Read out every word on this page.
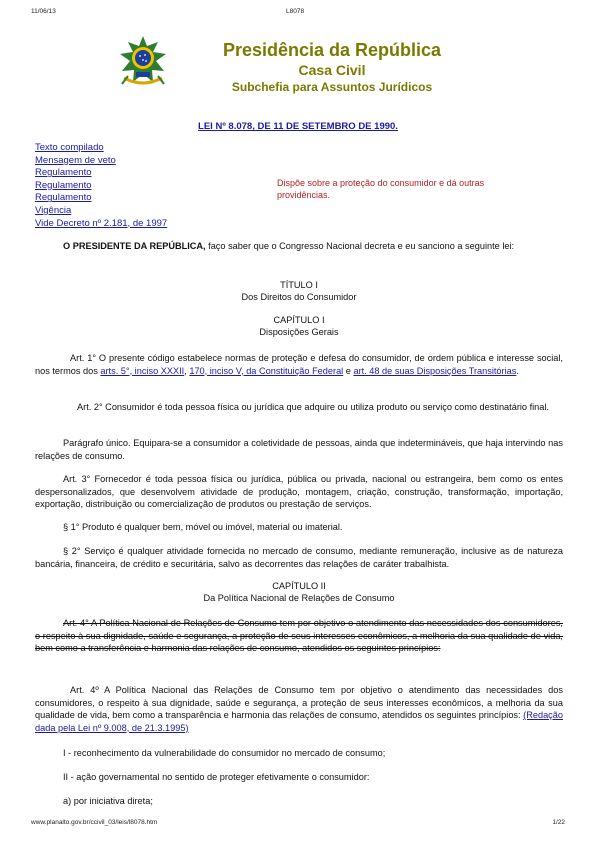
11/06/13	L8078
Presidência da República
Casa Civil
Subchefia para Assuntos Jurídicos
LEI Nº 8.078, DE 11 DE SETEMBRO DE 1990.
Texto compilado
Mensagem de veto
Regulamento
Regulamento
Regulamento
Vigência
Vide Decreto nº 2.181, de 1997
Dispõe sobre a proteção do consumidor e dá outras providências.
O PRESIDENTE DA REPÚBLICA, faço saber que o Congresso Nacional decreta e eu sanciono a seguinte lei:
TÍTULO I
Dos Direitos do Consumidor
CAPÍTULO I
Disposições Gerais
Art. 1° O presente código estabelece normas de proteção e defesa do consumidor, de ordem pública e interesse social, nos termos dos arts. 5°, inciso XXXII, 170, inciso V, da Constituição Federal e art. 48 de suas Disposições Transitórias.
Art. 2° Consumidor é toda pessoa física ou jurídica que adquire ou utiliza produto ou serviço como destinatário final.
Parágrafo único. Equipara-se a consumidor a coletividade de pessoas, ainda que indetermináveis, que haja intervindo nas relações de consumo.
Art. 3° Fornecedor é toda pessoa física ou jurídica, pública ou privada, nacional ou estrangeira, bem como os entes despersonalizados, que desenvolvem atividade de produção, montagem, criação, construção, transformação, importação, exportação, distribuição ou comercialização de produtos ou prestação de serviços.
§ 1° Produto é qualquer bem, móvel ou imóvel, material ou imaterial.
§ 2° Serviço é qualquer atividade fornecida no mercado de consumo, mediante remuneração, inclusive as de natureza bancária, financeira, de crédito e securitária, salvo as decorrentes das relações de caráter trabalhista.
CAPÍTULO II
Da Política Nacional de Relações de Consumo
Art. 4° A Política Nacional de Relações de Consumo tem por objetivo o atendimento das necessidades dos consumidores, o respeito à sua dignidade, saúde e segurança, a proteção de seus interesses econômicos, a melhoria da sua qualidade de vida, bem como a transferência e harmonia das relações de consumo, atendidos os seguintes princípios:
Art. 4º A Política Nacional das Relações de Consumo tem por objetivo o atendimento das necessidades dos consumidores, o respeito à sua dignidade, saúde e segurança, a proteção de seus interesses econômicos, a melhoria da sua qualidade de vida, bem como a transparência e harmonia das relações de consumo, atendidos os seguintes princípios: (Redação dada pela Lei nº 9.008, de 21.3.1995)
I - reconhecimento da vulnerabilidade do consumidor no mercado de consumo;
II - ação governamental no sentido de proteger efetivamente o consumidor:
a) por iniciativa direta;
www.planalto.gov.br/ccivil_03/leis/l8078.htm	1/22
